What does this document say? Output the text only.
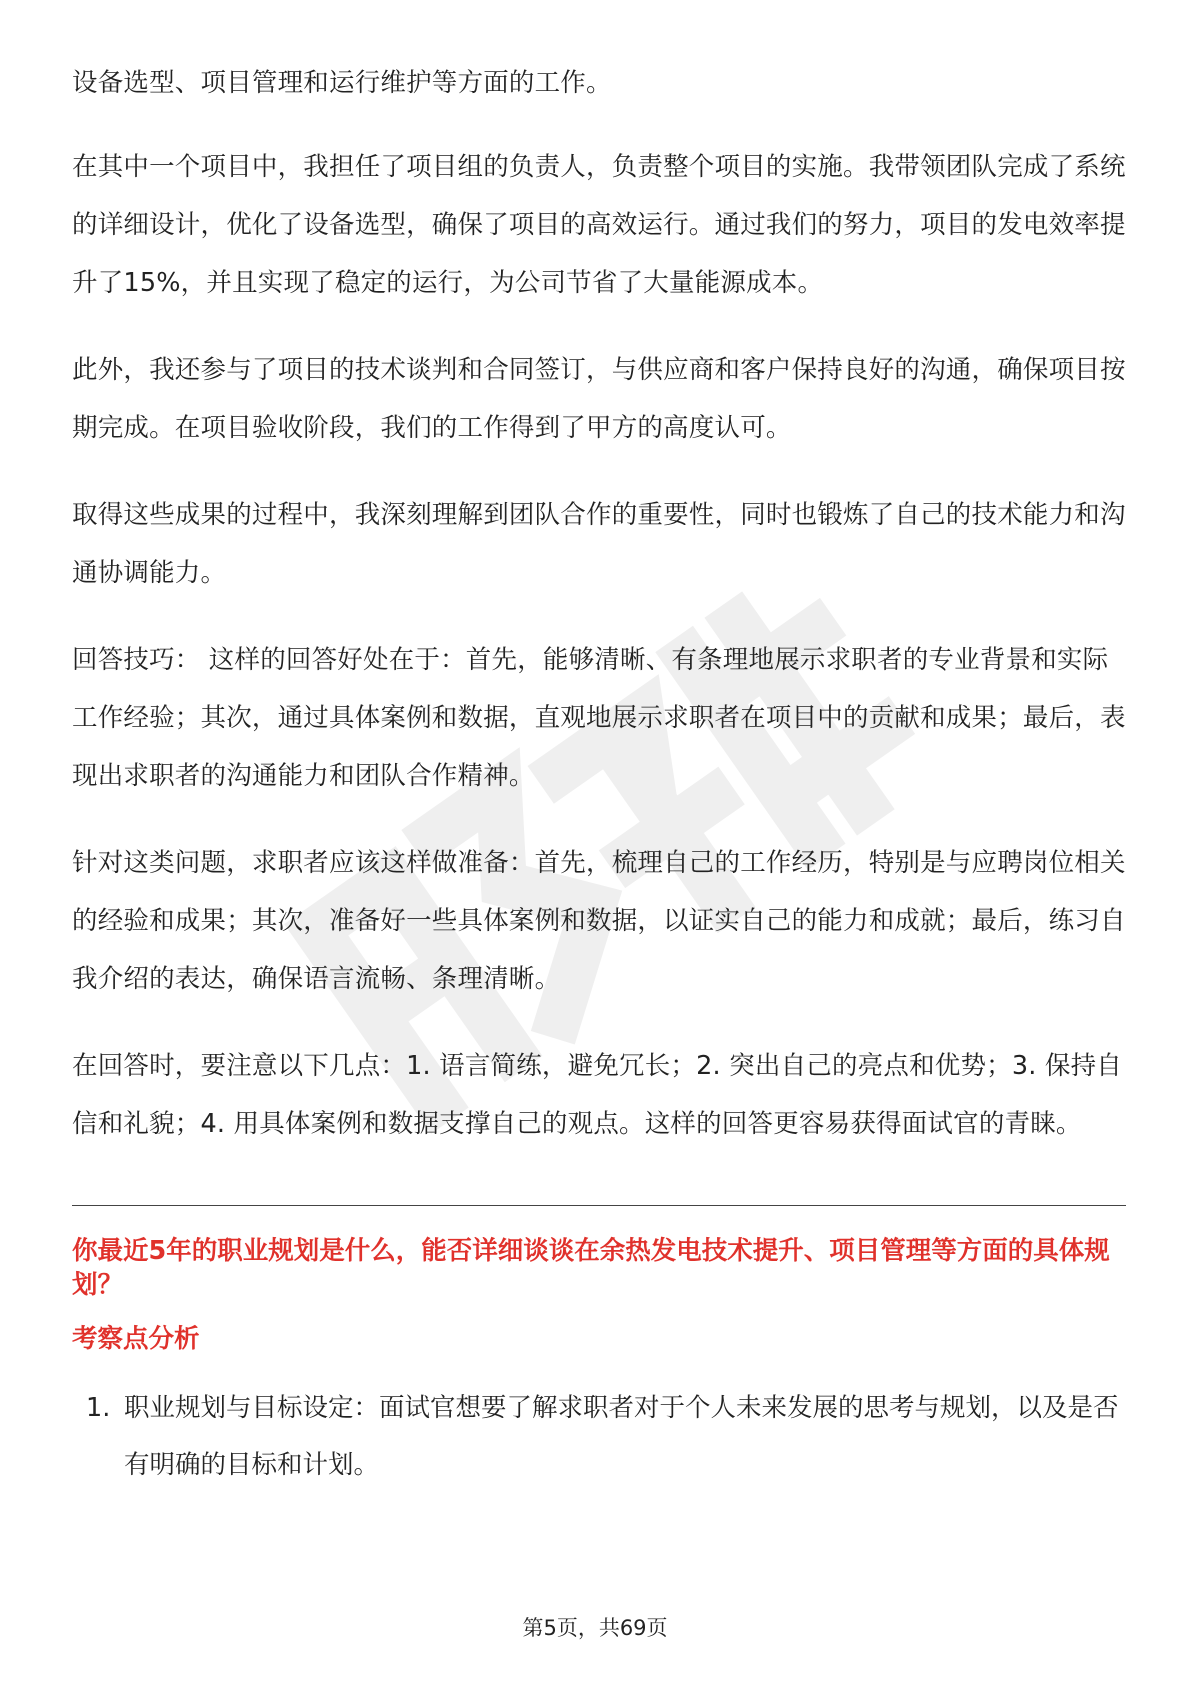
设备选型、项目管理和运行维护等方面的工作。

在其中一个项目中，我担任了项目组的负责人，负责整个项目的实施。我带领团队完成了系统的详细设计，优化了设备选型，确保了项目的高效运行。通过我们的努力，项目的发电效率提升了15%，并且实现了稳定的运行，为公司节省了大量能源成本。

此外，我还参与了项目的技术谈判和合同签订，与供应商和客户保持良好的沟通，确保项目按期完成。在项目验收阶段，我们的工作得到了甲方的高度认可。

取得这些成果的过程中，我深刻理解到团队合作的重要性，同时也锻炼了自己的技术能力和沟通协调能力。

回答技巧： 这样的回答好处在于：首先，能够清晰、有条理地展示求职者的专业背景和实际工作经验；其次，通过具体案例和数据，直观地展示求职者在项目中的贡献和成果；最后，表现出求职者的沟通能力和团队合作精神。

针对这类问题，求职者应该这样做准备：首先，梳理自己的工作经历，特别是与应聘岗位相关的经验和成果；其次，准备好一些具体案例和数据，以证实自己的能力和成就；最后，练习自我介绍的表达，确保语言流畅、条理清晰。

在回答时，要注意以下几点：1. 语言简练，避免冗长；2. 突出自己的亮点和优势；3. 保持自信和礼貌；4. 用具体案例和数据支撑自己的观点。这样的回答更容易获得面试官的青睐。

你最近5年的职业规划是什么，能否详细谈谈在余热发电技术提升、项目管理等方面的具体规划？
考察点分析
1. 职业规划与目标设定：面试官想要了解求职者对于个人未来发展的思考与规划，以及是否有明确的目标和计划。
第5页，共69页
